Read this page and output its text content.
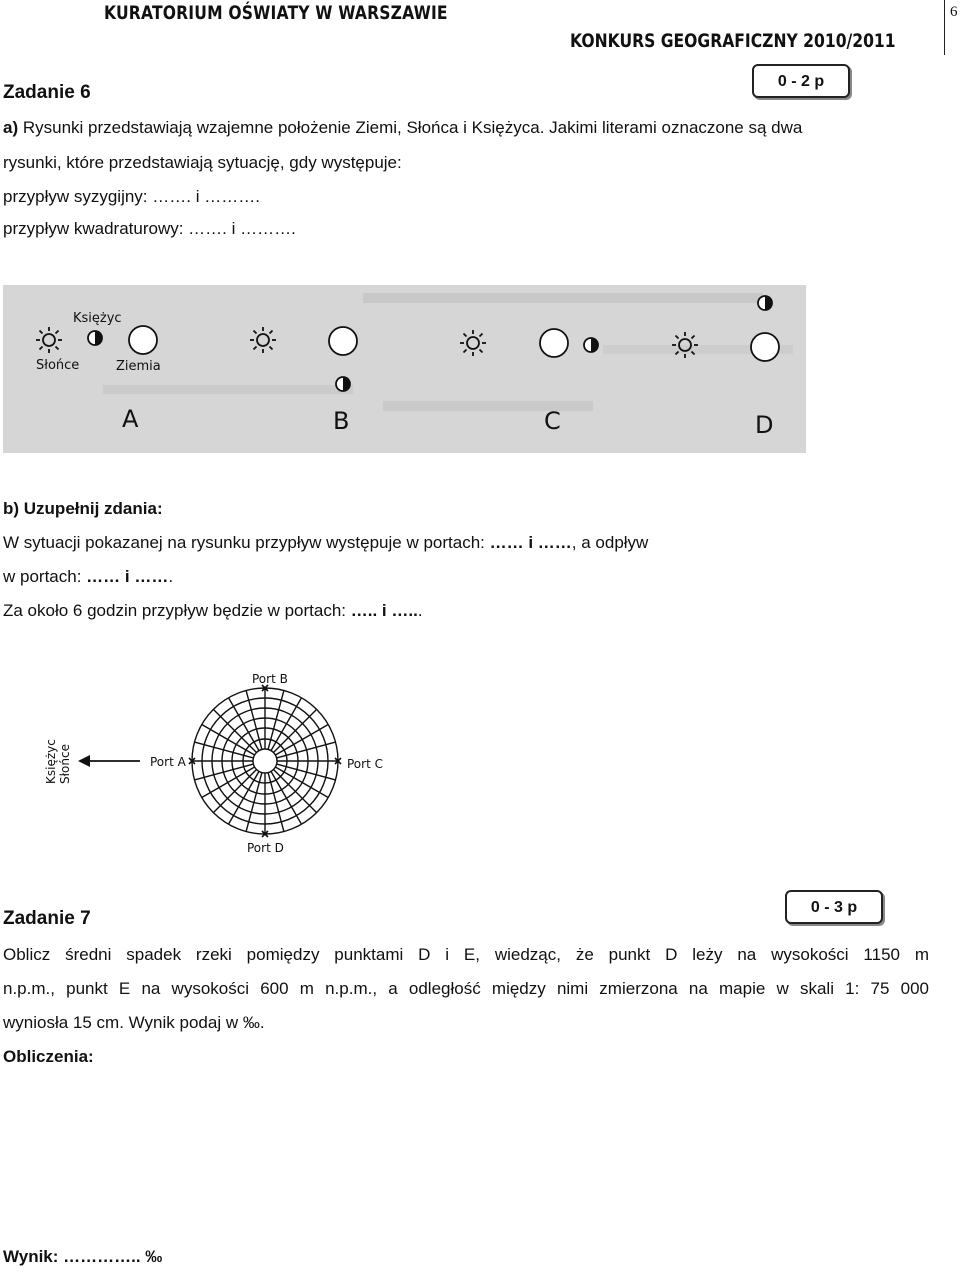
KURATORIUM OŚWIATY W WARSZAWIE
KONKURS GEOGRAFICZNY 2010/2011
6
Zadanie 6
0 - 2 p
a) Rysunki przedstawiają wzajemne położenie Ziemi, Słońca i Księżyca. Jakimi literami oznaczone są dwa
rysunki, które przedstawiają sytuację, gdy występuje:
przypływ syzygijny: ……. i ……….
przypływ kwadraturowy: ……. i ……….
Księżyc
Słońce	Ziemia
A	B	C	D
b) Uzupełnij zdania:
W sytuacji pokazanej na rysunku przypływ występuje w portach: …… i ……, a odpływ
w portach: …… i …….
Za około 6 godzin przypływ będzie w portach: ….. i …...
Księżyc Słońce
Port B
Port A	Port C
Port D
Zadanie 7
0 - 3 p
Oblicz średni spadek rzeki pomiędzy punktami D i E, wiedząc, że punkt D leży na wysokości 1150 m
n.p.m., punkt E na wysokości 600 m n.p.m., a odległość między nimi zmierzona na mapie w skali 1: 75 000
wyniosła 15 cm. Wynik podaj w ‰.
Obliczenia:
Wynik: ………….. ‰
